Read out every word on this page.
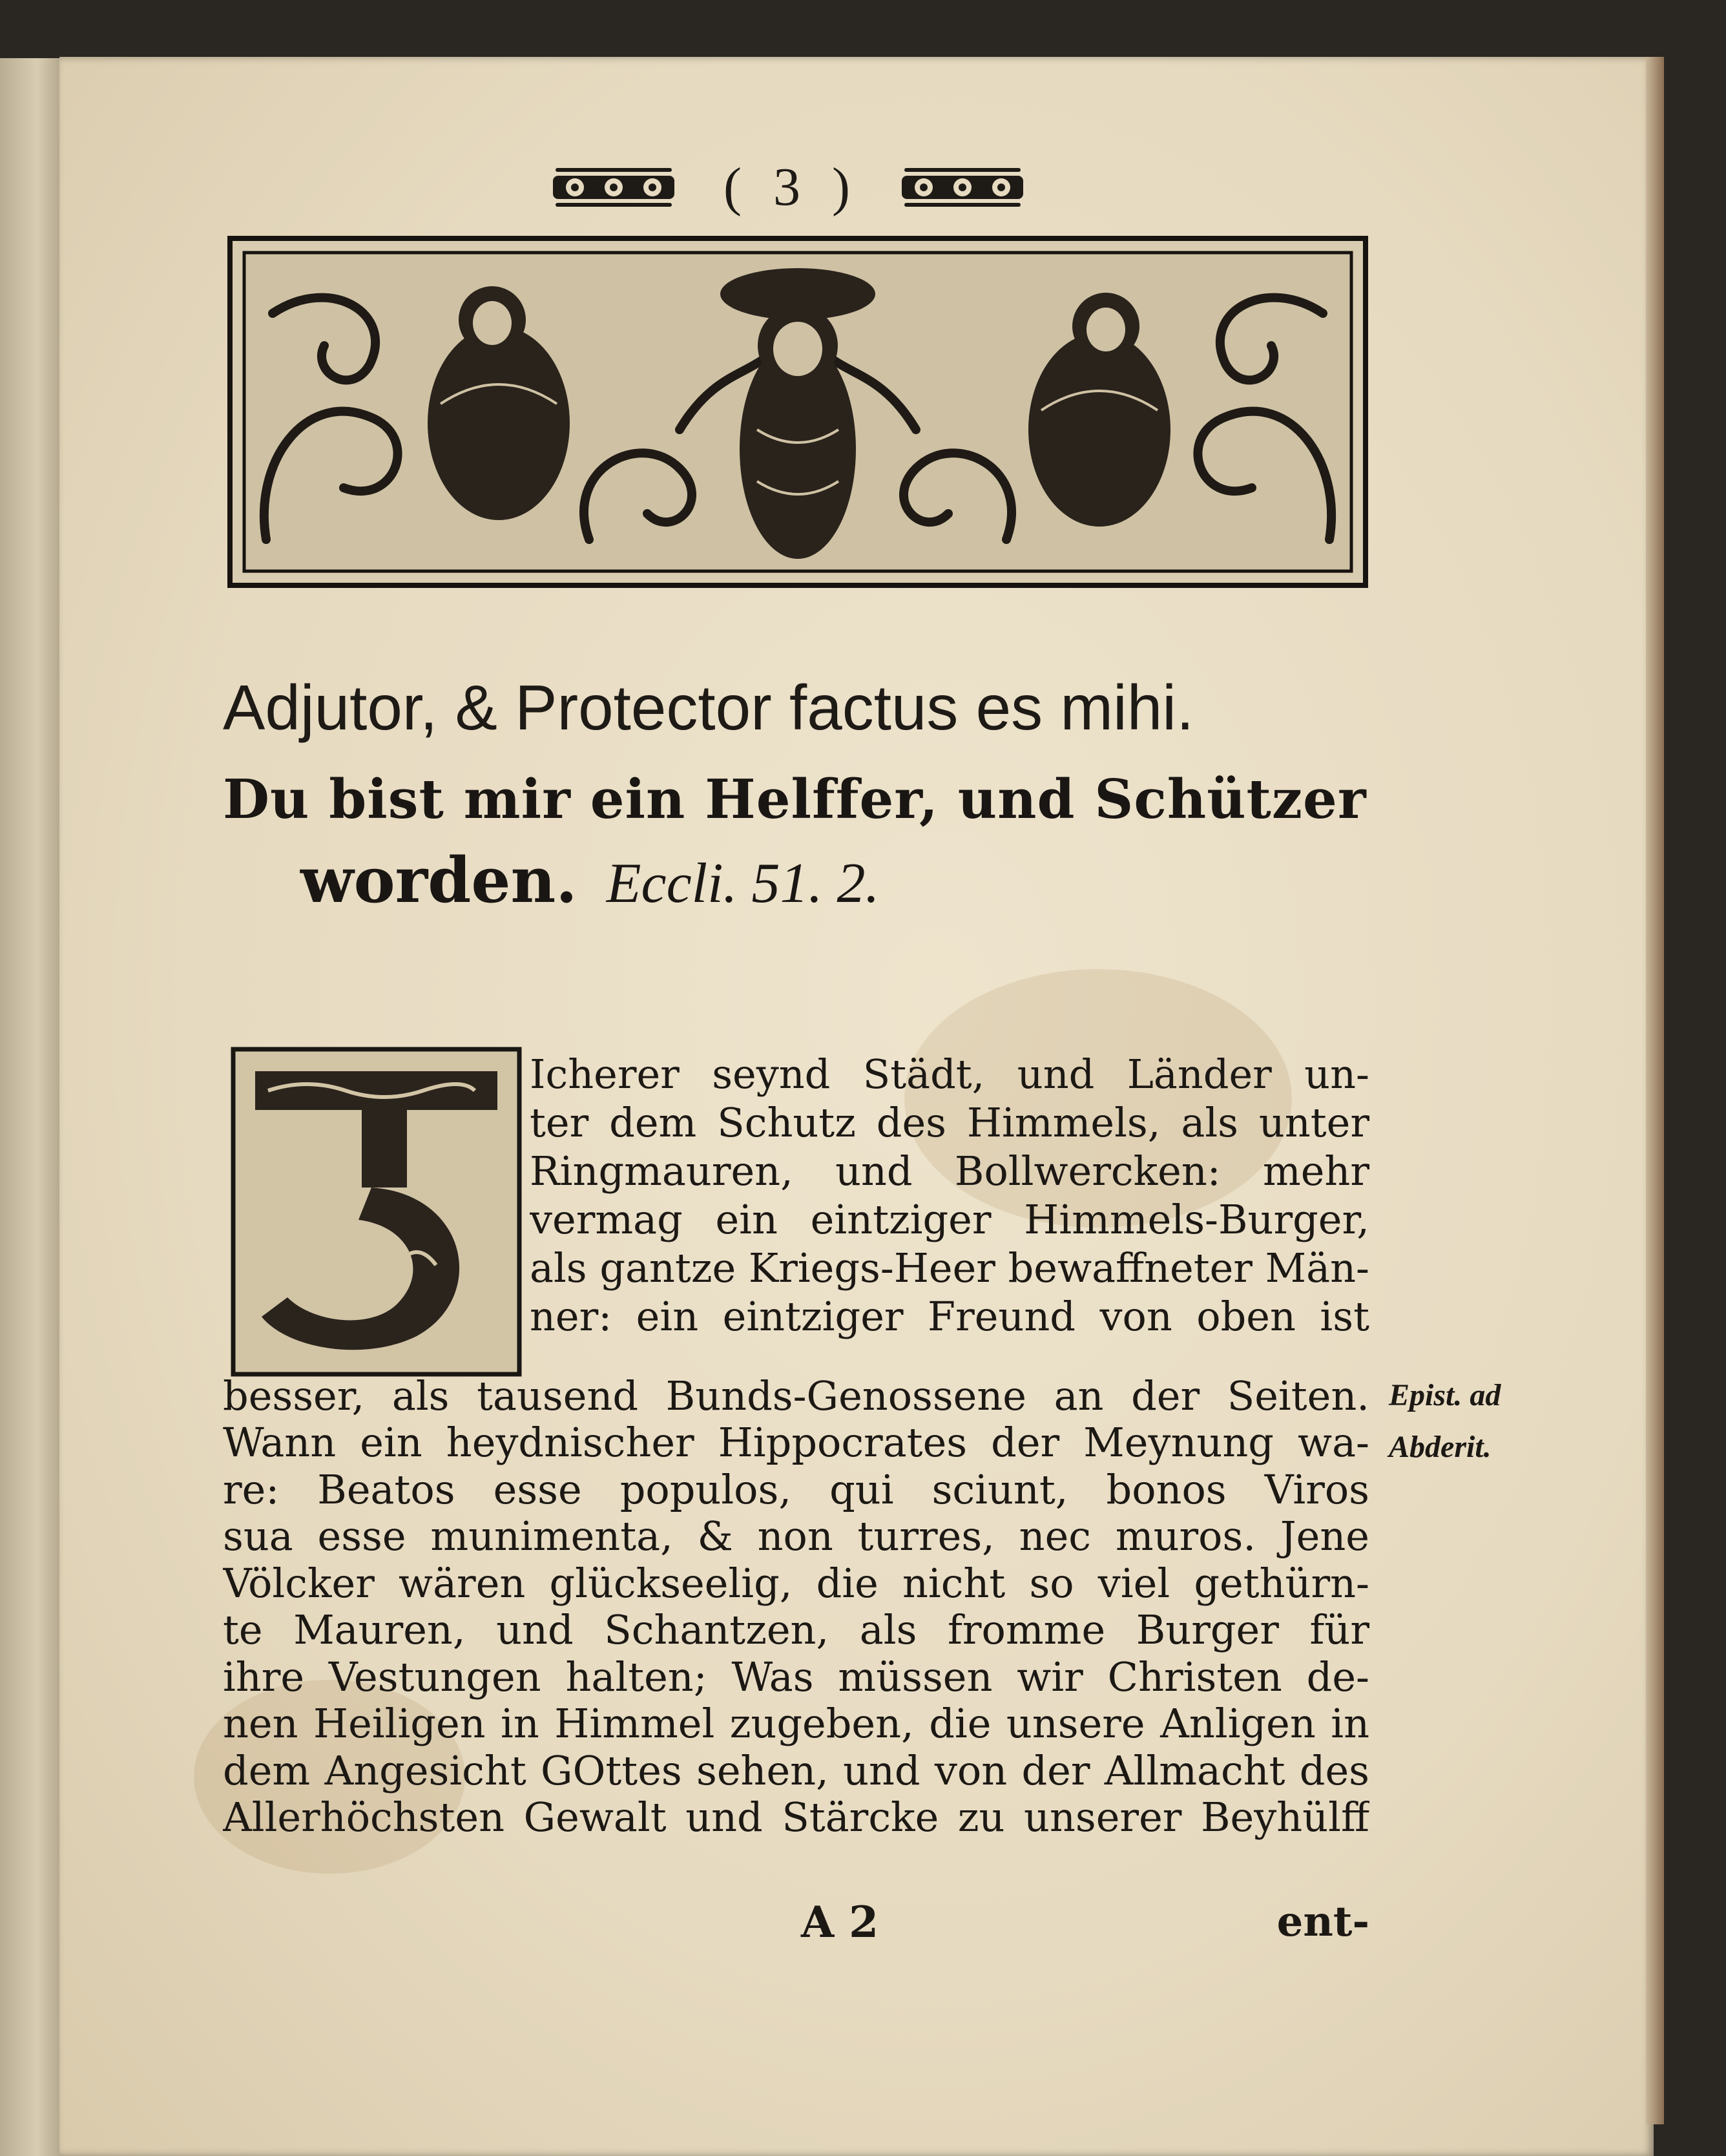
( 3 )
Adjutor, & Protector factus es mihi.
Du bist mir ein Helffer, und Schützer
worden. Eccli. 51. 2.
Icherer seynd Städt, und Länder un-
ter dem Schutz des Himmels, als unter
Ringmauren, und Bollwercken: mehr
vermag ein eintziger Himmels-Burger,
als gantze Kriegs-Heer bewaffneter Män-
ner: ein eintziger Freund von oben ist
besser, als tausend Bunds-Genossene an der Seiten.
Wann ein heydnischer Hippocrates der Meynung wa-
re: Beatos esse populos, qui sciunt, bonos Viros
sua esse munimenta, & non turres, nec muros. Jene
Völcker wären glückseelig, die nicht so viel gethürn-
te Mauren, und Schantzen, als fromme Burger für
ihre Vestungen halten; Was müssen wir Christen de-
nen Heiligen in Himmel zugeben, die unsere Anligen in
dem Angesicht GOttes sehen, und von der Allmacht des
Allerhöchsten Gewalt und Stärcke zu unserer Beyhülff
Epist. ad
Abderit.
A 2	ent-
